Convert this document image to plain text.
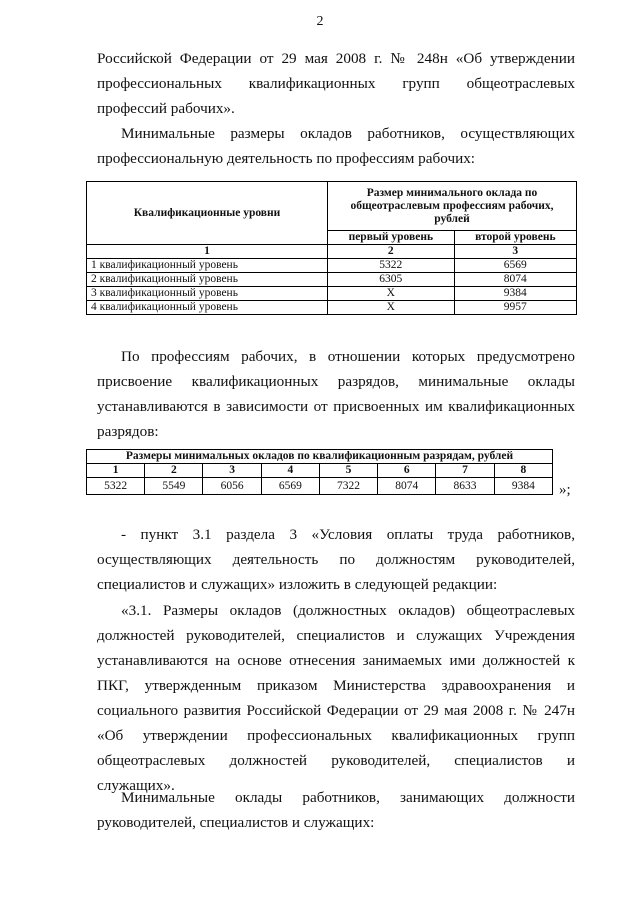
2
Российской Федерации от 29 мая 2008 г. № 248н «Об утверждении профессиональных квалификационных групп общеотраслевых профессий рабочих».
Минимальные размеры окладов работников, осуществляющих профессиональную деятельность по профессиям рабочих:
Квалификационные уровни	Размер минимального оклада по общеотраслевым профессиям рабочих, рублей	
	первый уровень	второй уровень
1	2	3
1 квалификационный уровень	5322	6569
2 квалификационный уровень	6305	8074
3 квалификационный уровень	Х	9384
4 квалификационный уровень	Х	9957
По профессиям рабочих, в отношении которых предусмотрено присвоение квалификационных разрядов, минимальные оклады устанавливаются в зависимости от присвоенных им квалификационных разрядов:
Размеры минимальных окладов по квалификационным разрядам, рублей							
1	2	3	4	5	6	7	8
5322	5549	6056	6569	7322	8074	8633	9384 »;
- пункт 3.1 раздела 3 «Условия оплаты труда работников, осуществляющих деятельность по должностям руководителей, специалистов и служащих» изложить в следующей редакции:
«3.1. Размеры окладов (должностных окладов) общеотраслевых должностей руководителей, специалистов и служащих Учреждения устанавливаются на основе отнесения занимаемых ими должностей к ПКГ, утвержденным приказом Министерства здравоохранения и социального развития Российской Федерации от 29 мая 2008 г. № 247н «Об утверждении профессиональных квалификационных групп общеотраслевых должностей руководителей, специалистов и служащих».
Минимальные оклады работников, занимающих должности руководителей, специалистов и служащих:
